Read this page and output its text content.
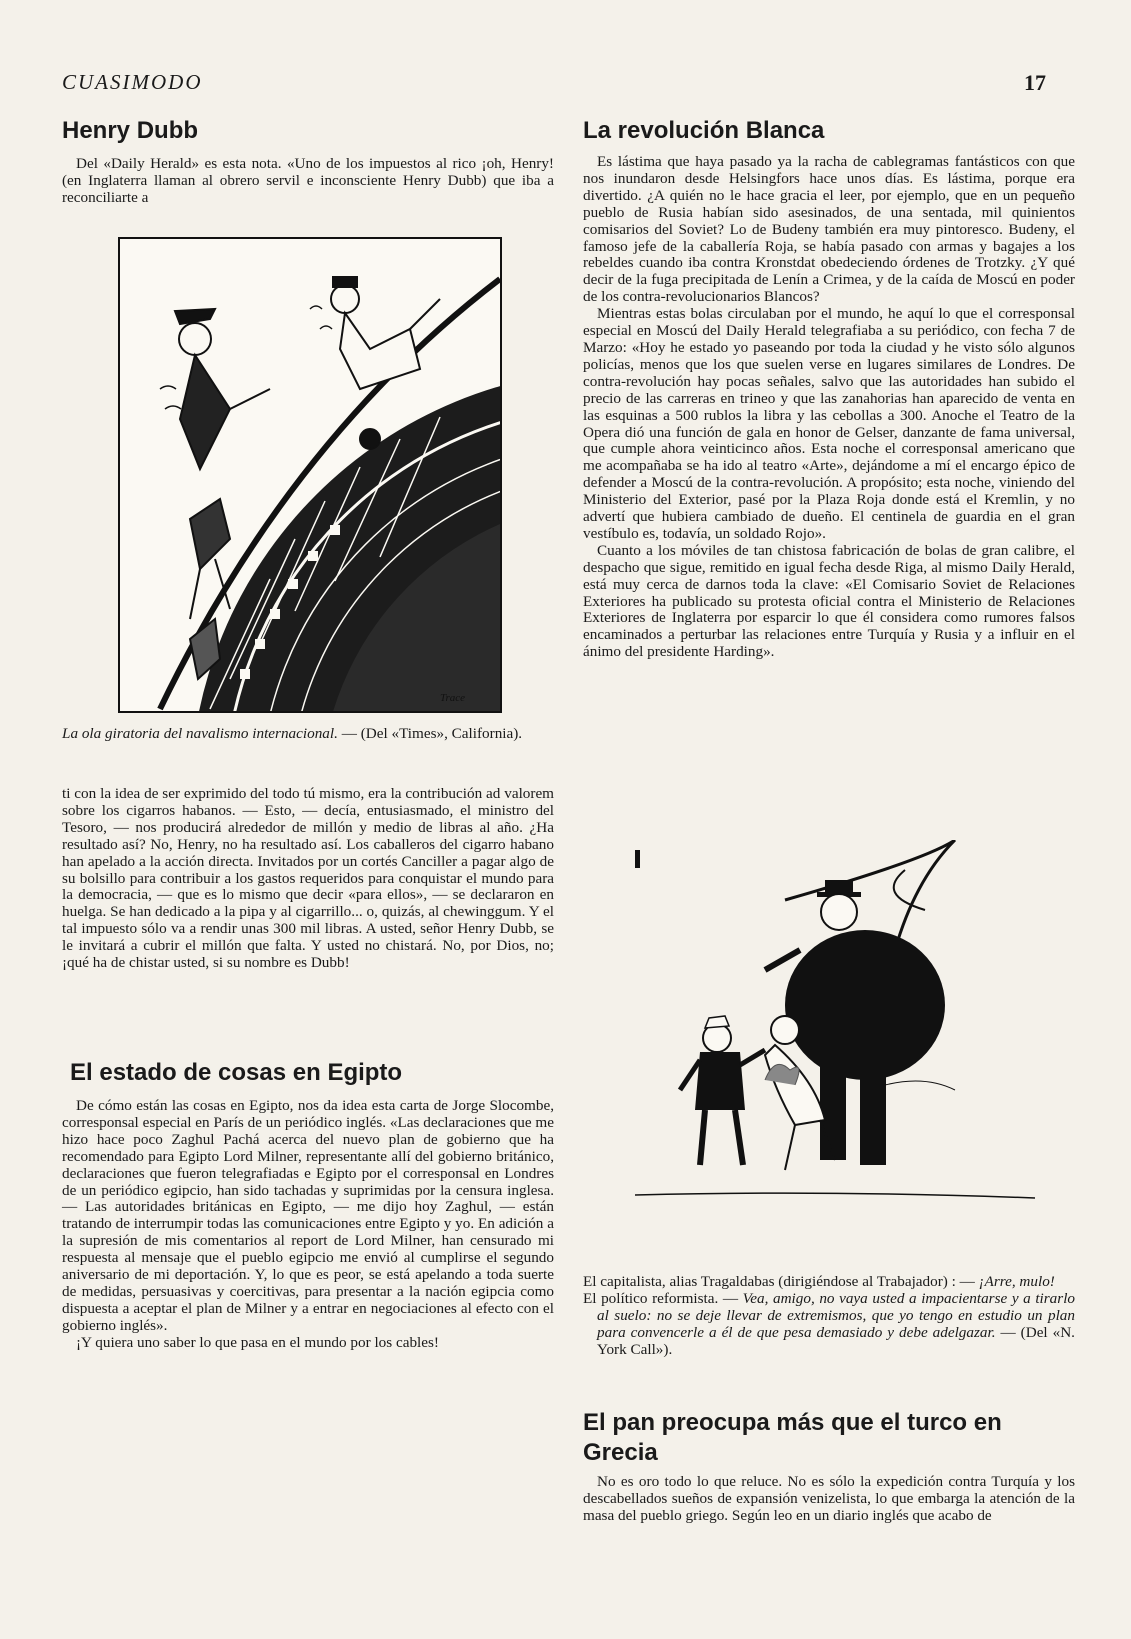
CUASIMODO	17
Henry Dubb

Del «Daily Herald» es esta nota. «Uno de los impuestos al rico ¡oh, Henry! (en Inglaterra llaman al obrero servil e inconsciente Henry Dubb) que iba a reconciliarte a

Trace

La ola giratoria del navalismo internacional. — (Del «Times», California).

ti con la idea de ser exprimido del todo tú mismo, era la contribución ad valorem sobre los cigarros habanos. — Esto, — decía, entusiasmado, el ministro del Tesoro, — nos producirá alrededor de millón y medio de libras al año. ¿Ha resultado así? No, Henry, no ha resultado así. Los caballeros del cigarro habano han apelado a la acción directa. Invitados por un cortés Canciller a pagar algo de su bolsillo para contribuir a los gastos requeridos para conquistar el mundo para la democracia, — que es lo mismo que decir «para ellos», — se declararon en huelga. Se han dedicado a la pipa y al cigarrillo... o, quizás, al chewinggum. Y el tal impuesto sólo va a rendir unas 300 mil libras. A usted, señor Henry Dubb, se le invitará a cubrir el millón que falta. Y usted no chistará. No, por Dios, no; ¡qué ha de chistar usted, si su nombre es Dubb!

El estado de cosas en Egipto

De cómo están las cosas en Egipto, nos da idea esta carta de Jorge Slocombe, corresponsal especial en París de un periódico inglés. «Las declaraciones que me hizo hace poco Zaghul Pachá acerca del nuevo plan de gobierno que ha recomendado para Egipto Lord Milner, representante allí del gobierno británico, declaraciones que fueron telegrafiadas e Egipto por el corresponsal en Londres de un periódico egipcio, han sido tachadas y suprimidas por la censura inglesa. — Las autoridades británicas en Egipto, — me dijo hoy Zaghul, — están tratando de interrumpir todas las comunicaciones entre Egipto y yo. En adición a la supresión de mis comentarios al report de Lord Milner, han censurado mi respuesta al mensaje que el pueblo egipcio me envió al cumplirse el segundo aniversario de mi deportación. Y, lo que es peor, se está apelando a toda suerte de medidas, persuasivas y coercitivas, para presentar a la nación egipcia como dispuesta a aceptar el plan de Milner y a entrar en negociaciones al efecto con el gobierno inglés».

¡Y quiera uno saber lo que pasa en el mundo por los cables!

La revolución Blanca

Es lástima que haya pasado ya la racha de cablegramas fantásticos con que nos inundaron desde Helsingfors hace unos días. Es lástima, porque era divertido. ¿A quién no le hace gracia el leer, por ejemplo, que en un pequeño pueblo de Rusia habían sido asesinados, de una sentada, mil quinientos comisarios del Soviet? Lo de Budeny también era muy pintoresco. Budeny, el famoso jefe de la caballería Roja, se había pasado con armas y bagajes a los rebeldes cuando iba contra Kronstdat obedeciendo órdenes de Trotzky. ¿Y qué decir de la fuga precipitada de Lenín a Crimea, y de la caída de Moscú en poder de los contra-revolucionarios Blancos?

Mientras estas bolas circulaban por el mundo, he aquí lo que el corresponsal especial en Moscú del Daily Herald telegrafiaba a su periódico, con fecha 7 de Marzo: «Hoy he estado yo paseando por toda la ciudad y he visto sólo algunos policías, menos que los que suelen verse en lugares similares de Londres. De contra-revolución hay pocas señales, salvo que las autoridades han subido el precio de las carreras en trineo y que las zanahorias han aparecido de venta en las esquinas a 500 rublos la libra y las cebollas a 300. Anoche el Teatro de la Opera dió una función de gala en honor de Gelser, danzante de fama universal, que cumple ahora veinticinco años. Esta noche el corresponsal americano que me acompañaba se ha ido al teatro «Arte», dejándome a mí el encargo épico de defender a Moscú de la contra-revolución. A propósito; esta noche, viniendo del Ministerio del Exterior, pasé por la Plaza Roja donde está el Kremlin, y no advertí que hubiera cambiado de dueño. El centinela de guardia en el gran vestíbulo es, todavía, un soldado Rojo».

Cuanto a los móviles de tan chistosa fabricación de bolas de gran calibre, el despacho que sigue, remitido en igual fecha desde Riga, al mismo Daily Herald, está muy cerca de darnos toda la clave: «El Comisario Soviet de Relaciones Exteriores ha publicado su protesta oficial contra el Ministerio de Relaciones Exteriores de Inglaterra por esparcir lo que él considera como rumores falsos encaminados a perturbar las relaciones entre Turquía y Rusia y a influir en el ánimo del presidente Harding».

El capitalista, alias Tragaldabas (dirigiéndose al Trabajador) : — ¡Arre, mulo!

El político reformista. — Vea, amigo, no vaya usted a impacientarse y a tirarlo al suelo: no se deje llevar de extremismos, que yo tengo en estudio un plan para convencerle a él de que pesa demasiado y debe adelgazar. — (Del «N. York Call»).

El pan preocupa más que el turco en Grecia

No es oro todo lo que reluce. No es sólo la expedición contra Turquía y los descabellados sueños de expansión venizelista, lo que embarga la atención de la masa del pueblo griego. Según leo en un diario inglés que acabo de
